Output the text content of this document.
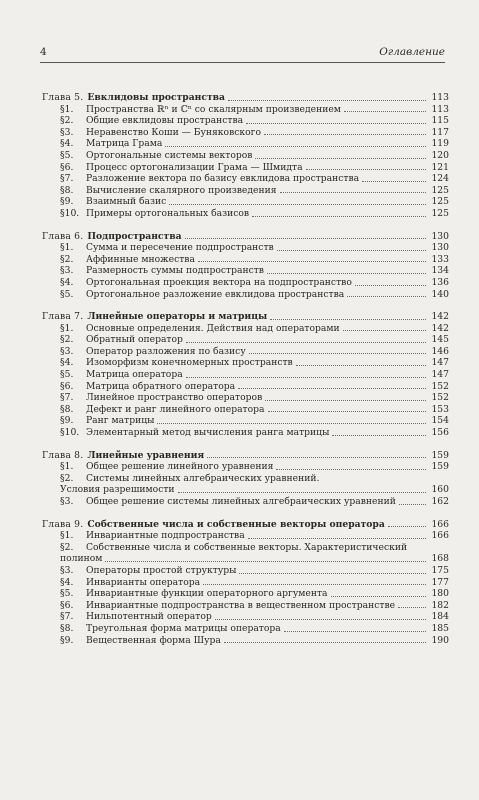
4	Оглавление
Глава 5. Евклидовы пространства	113
§1.	Пространства ℝⁿ и ℂⁿ со скалярным произведением	113
§2.	Общие евклидовы пространства	115
§3.	Неравенство Коши — Буняковского	117
§4.	Матрица Грама	119
§5.	Ортогональные системы векторов	120
§6.	Процесс ортогонализации Грама — Шмидта	121
§7.	Разложение вектора по базису евклидова пространства	124
§8.	Вычисление скалярного произведения	125
§9.	Взаимный базис	125
§10. Примеры ортогональных базисов	125
Глава 6. Подпространства	130
§1.	Сумма и пересечение подпространств	130
§2.	Аффинные множества	133
§3.	Размерность суммы подпространств	134
§4.	Ортогональная проекция вектора на подпространство	136
§5.	Ортогональное разложение евклидова пространства	140
Глава 7. Линейные операторы и матрицы	142
§1.	Основные определения. Действия над операторами	142
§2.	Обратный оператор	145
§3.	Оператор разложения по базису	146
§4.	Изоморфизм конечномерных пространств	147
§5.	Матрица оператора	147
§6.	Матрица обратного оператора	152
§7.	Линейное пространство операторов	152
§8.	Дефект и ранг линейного оператора	153
§9.	Ранг матрицы	154
§10. Элементарный метод вычисления ранга матрицы	156
Глава 8. Линейные уравнения	159
§1.	Общее решение линейного уравнения	159
§2.	Системы линейных алгебраических уравнений.
Условия разрешимости	160
§3.	Общее решение системы линейных алгебраических уравнений	162
Глава 9. Собственные числа и собственные векторы оператора	166
§1.	Инвариантные подпространства	166
§2.	Собственные числа и собственные векторы. Характеристический
полином	168
§3.	Операторы простой структуры	175
§4.	Инварианты оператора	177
§5.	Инвариантные функции операторного аргумента	180
§6.	Инвариантные подпространства в вещественном пространстве	182
§7.	Нильпотентный оператор	184
§8.	Треугольная форма матрицы оператора	185
§9.	Вещественная форма Шура	190
